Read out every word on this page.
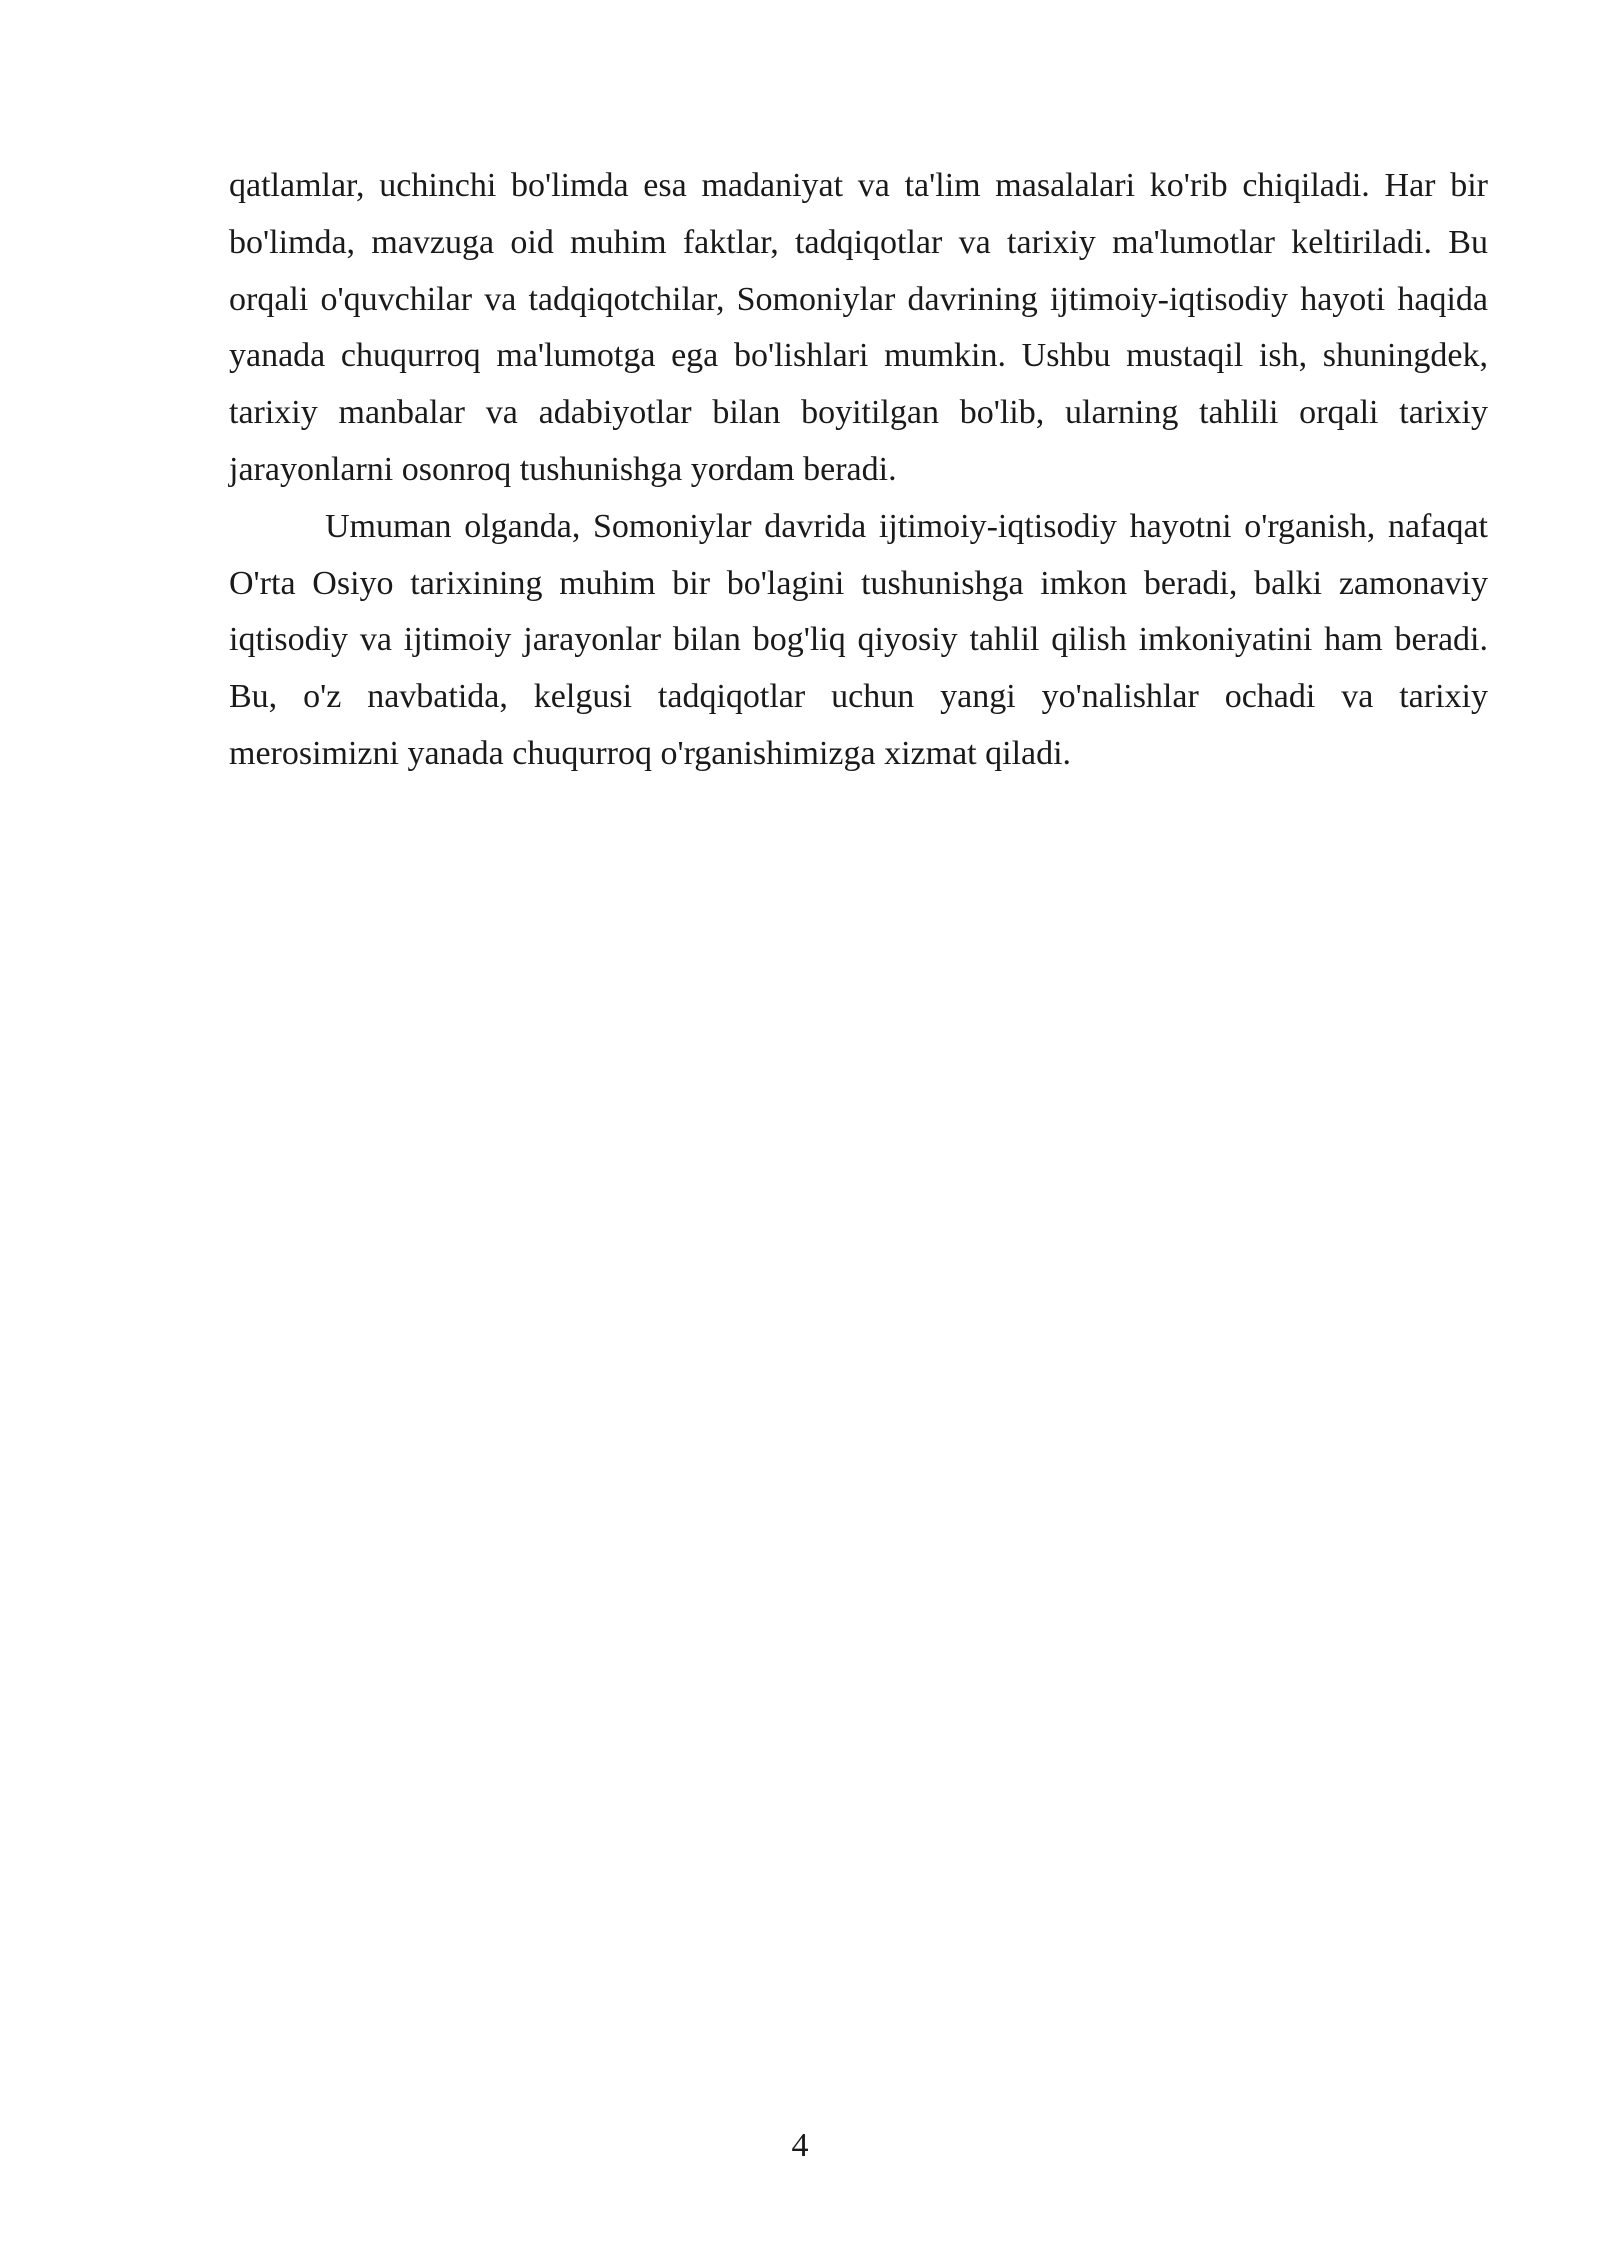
qatlamlar, uchinchi bo'limda esa madaniyat va ta'lim masalalari ko'rib chiqiladi. Har bir bo'limda, mavzuga oid muhim faktlar, tadqiqotlar va tarixiy ma'lumotlar keltiriladi. Bu orqali o'quvchilar va tadqiqotchilar, Somoniylar davrining ijtimoiy-iqtisodiy hayoti haqida yanada chuqurroq ma'lumotga ega bo'lishlari mumkin. Ushbu mustaqil ish, shuningdek, tarixiy manbalar va adabiyotlar bilan boyitilgan bo'lib, ularning tahlili orqali tarixiy jarayonlarni osonroq tushunishga yordam beradi.

Umuman olganda, Somoniylar davrida ijtimoiy-iqtisodiy hayotni o'rganish, nafaqat O'rta Osiyo tarixining muhim bir bo'lagini tushunishga imkon beradi, balki zamonaviy iqtisodiy va ijtimoiy jarayonlar bilan bog'liq qiyosiy tahlil qilish imkoniyatini ham beradi. Bu, o'z navbatida, kelgusi tadqiqotlar uchun yangi yo'nalishlar ochadi va tarixiy merosimizni yanada chuqurroq o'rganishimizga xizmat qiladi.

4
